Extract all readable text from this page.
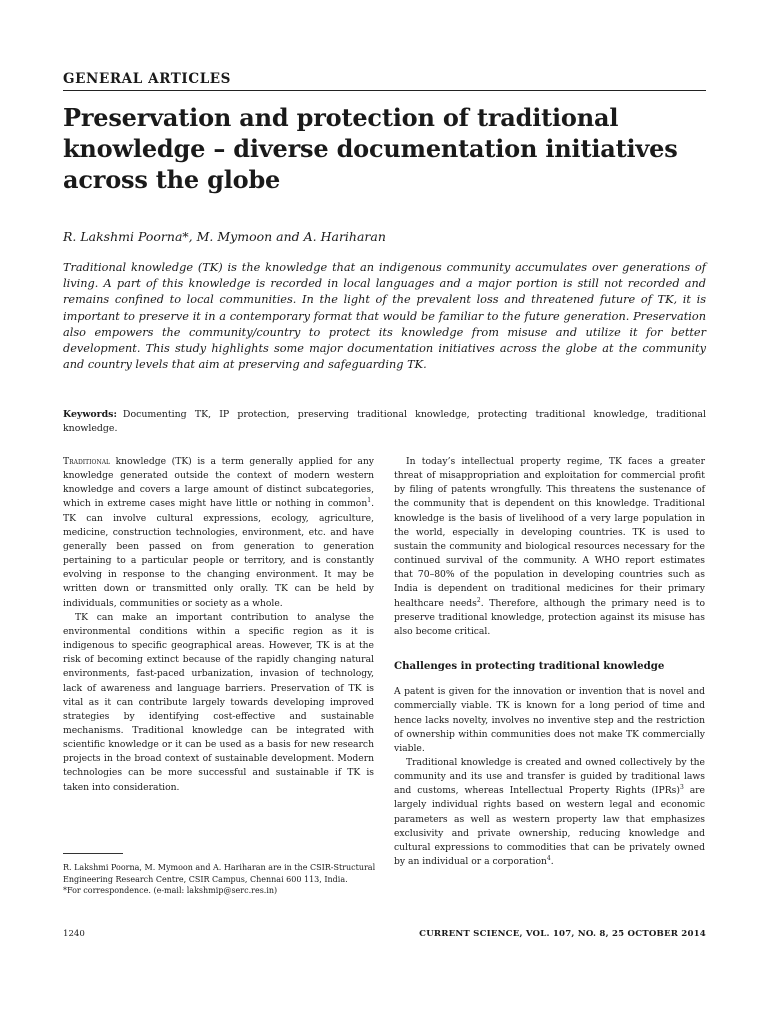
GENERAL ARTICLES
Preservation and protection of traditional knowledge – diverse documentation initiatives across the globe
R. Lakshmi Poorna*, M. Mymoon and A. Hariharan

Traditional knowledge (TK) is the knowledge that an indigenous community accumulates over generations of living. A part of this knowledge is recorded in local languages and a major portion is still not recorded and remains confined to local communities. In the light of the prevalent loss and threatened future of TK, it is important to preserve it in a contemporary format that would be familiar to the future generation. Preservation also empowers the community/country to protect its knowledge from misuse and utilize it for better development. This study highlights some major documentation initiatives across the globe at the community and country levels that aim at preserving and safeguarding TK.

Keywords: Documenting TK, IP protection, preserving traditional knowledge, protecting traditional knowledge, traditional knowledge.

Traditional knowledge (TK) is a term generally applied for any knowledge generated outside the context of modern western knowledge and covers a large amount of distinct subcategories, which in extreme cases might have little or nothing in common$^1$. TK can involve cultural expressions, ecology, agriculture, medicine, construction technologies, environment, etc. and have generally been passed on from generation to generation pertaining to a particular people or territory, and is constantly evolving in response to the changing environment. It may be written down or transmitted only orally. TK can be held by individuals, communities or society as a whole.

TK can make an important contribution to analyse the environmental conditions within a specific region as it is indigenous to specific geographical areas. However, TK is at the risk of becoming extinct because of the rapidly changing natural environments, fast-paced urbanization, invasion of technology, lack of awareness and language barriers. Preservation of TK is vital as it can contribute largely towards developing improved strategies by identifying cost-effective and sustainable mechanisms. Traditional knowledge can be integrated with scientific knowledge or it can be used as a basis for new research projects in the broad context of sustainable development. Modern technologies can be more successful and sustainable if TK is taken into consideration.

In today’s intellectual property regime, TK faces a greater threat of misappropriation and exploitation for commercial profit by filing of patents wrongfully. This threatens the sustenance of the community that is dependent on this knowledge. Traditional knowledge is the basis of livelihood of a very large population in the world, especially in developing countries. TK is used to sustain the community and biological resources necessary for the continued survival of the community. A WHO report estimates that 70–80% of the population in developing countries such as India is dependent on traditional medicines for their primary healthcare needs$^2$. Therefore, although the primary need is to preserve traditional knowledge, protection against its misuse has also become critical.

Challenges in protecting traditional knowledge

A patent is given for the innovation or invention that is novel and commercially viable. TK is known for a long period of time and hence lacks novelty, involves no inventive step and the restriction of ownership within communities does not make TK commercially viable.

Traditional knowledge is created and owned collectively by the community and its use and transfer is guided by traditional laws and customs, whereas Intellectual Property Rights (IPRs)$^3$ are largely individual rights based on western legal and economic parameters as well as western property law that emphasizes exclusivity and private ownership, reducing knowledge and cultural expressions to commodities that can be privately owned by an individual or a corporation$^4$.

R. Lakshmi Poorna, M. Mymoon and A. Hariharan are in the CSIR-Structural Engineering Research Centre, CSIR Campus, Chennai 600 113, India.

*For correspondence. (e-mail: lakshmip@serc.res.in)

1240	CURRENT SCIENCE, VOL. 107, NO. 8, 25 OCTOBER 2014
